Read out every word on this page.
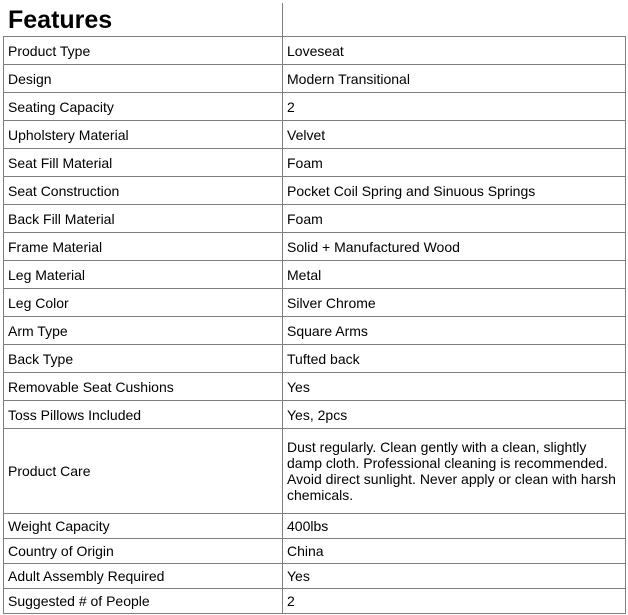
Features	
Product Type	Loveseat
Design	Modern Transitional
Seating Capacity	2
Upholstery Material	Velvet
Seat Fill Material	Foam
Seat Construction	Pocket Coil Spring and Sinuous Springs
Back Fill Material	Foam
Frame Material	Solid + Manufactured Wood
Leg Material	Metal
Leg Color	Silver Chrome
Arm Type	Square Arms
Back Type	Tufted back
Removable Seat Cushions	Yes
Toss Pillows Included	Yes, 2pcs
Product Care	Dust regularly. Clean gently with a clean, slightly damp cloth. Professional cleaning is recommended. Avoid direct sunlight. Never apply or clean with harsh chemicals.
Weight Capacity	400lbs
Country of Origin	China
Adult Assembly Required	Yes
Suggested # of People	2
